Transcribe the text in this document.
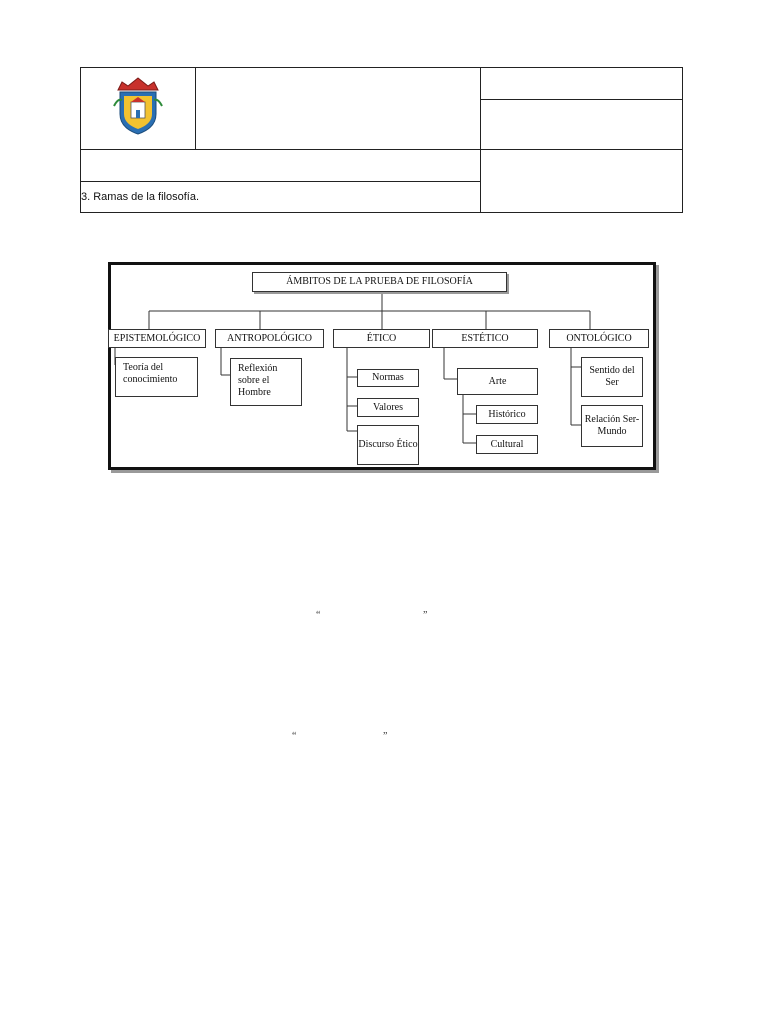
3. Ramas de la filosofía.		
ÁMBITOS DE LA PRUEBA DE FILOSOFÍA
EPISTEMOLÓGICO	ANTROPOLÓGICO	ÉTICO	ESTÉTICO	ONTOLÓGICO
Teoría del conocimiento
Reflexión sobre el Hombre
Normas
Valores
Discurso Ético
Arte
Histórico
Cultural
Sentido del Ser
Relación Ser-Mundo
“	”
“	”
